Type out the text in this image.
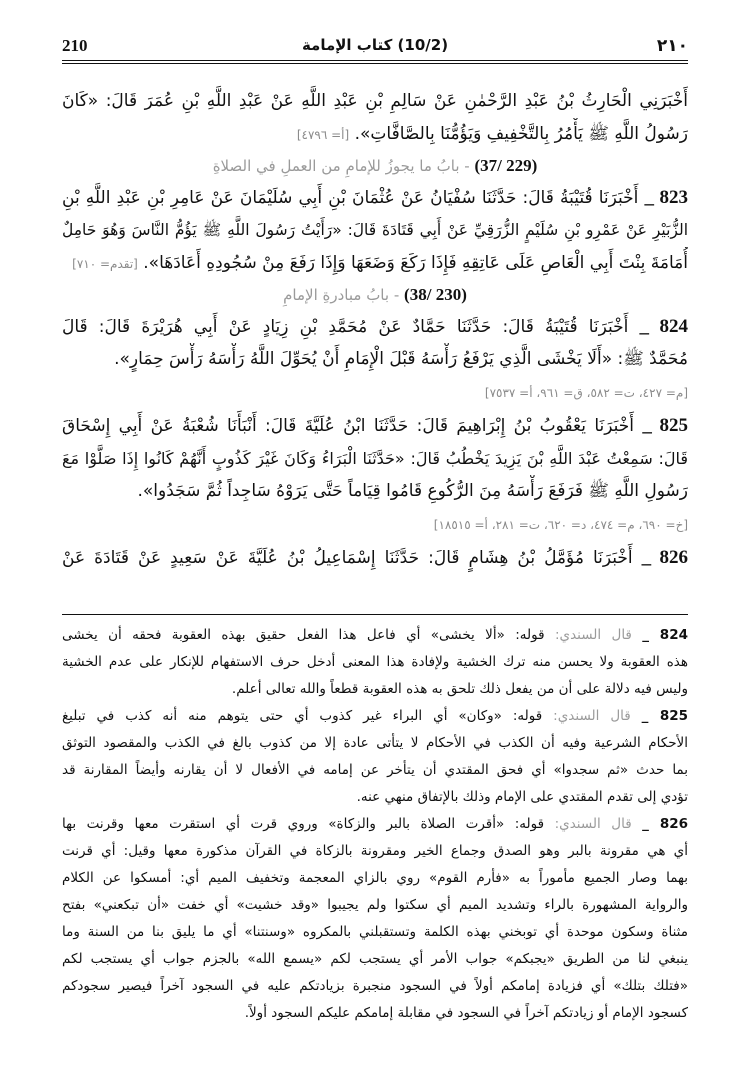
210	(10/2) كتاب الإمامة	٢١٠
أَخْبَرَنِي الْحَارِثُ بْنُ عَبْدِ الرَّحْمٰنِ عَنْ سَالِمِ بْنِ عَبْدِ اللَّهِ عَنْ عَبْدِ اللَّهِ بْنِ عُمَرَ قَالَ: «كَانَ
رَسُولُ اللَّهِ ﷺ يَأْمُرُ بِالتَّخْفِيفِ وَيَؤُمُّنَا بِالصَّافَّاتِ». [أ= ٤٧٩٦]
(229 /37) - بابُ ما يجوزُ للإمامِ من العملِ في الصلاةِ
823 _ أَخْبَرَنَا قُتَيْبَةُ قَالَ: حَدَّثَنَا سُفْيَانُ عَنْ عُثْمَانَ بْنِ أَبِي سُلَيْمَانَ عَنْ عَامِرِ بْنِ عَبْدِ اللَّهِ بْنِ
الزُّبَيْرِ عَنْ عَمْرِو بْنِ سُلَيْمٍ الزُّرَقِيِّ عَنْ أَبِي قَتَادَةَ قَالَ: «رَأَيْتُ رَسُولَ اللَّهِ ﷺ يَؤُمُّ النَّاسَ وَهُوَ حَامِلٌ
أُمَامَةَ بِنْتَ أَبِي الْعَاصِ عَلَى عَاتِقِهِ فَإِذَا رَكَعَ وَضَعَهَا وَإِذَا رَفَعَ مِنْ سُجُودِهِ أَعَادَهَا». [تقدم= ٧١٠]
(230 /38) - بابُ مبادرةِ الإمامِ
824 _ أَخْبَرَنَا قُتَيْبَةُ قَالَ: حَدَّثَنَا حَمَّادٌ عَنْ مُحَمَّدِ بْنِ زِيَادٍ عَنْ أَبِي هُرَيْرَةَ قَالَ: قَالَ
مُحَمَّدٌ ﷺ: «أَلَا يَخْشَى الَّذِي يَرْفَعُ رَأْسَهُ قَبْلَ الْإِمَامِ أَنْ يُحَوِّلَ اللَّهُ رَأْسَهُ رَأْسَ حِمَارٍ».
[م= ٤٢٧، ت= ٥٨٢، ق= ٩٦١، أ= ٧٥٣٧]
825 _ أَخْبَرَنَا يَعْقُوبُ بْنُ إِبْرَاهِيمَ قَالَ: حَدَّثَنَا ابْنُ عُلَيَّةَ قَالَ: أَنْبَأَنَا شُعْبَةُ عَنْ أَبِي إِسْحَاقَ
قَالَ: سَمِعْتُ عَبْدَ اللَّهِ بْنَ يَزِيدَ يَخْطُبُ قَالَ: «حَدَّثَنَا الْبَرَاءُ وَكَانَ غَيْرَ كَذُوبٍ أَنَّهُمْ كَانُوا إِذَا صَلَّوْا مَعَ
رَسُولِ اللَّهِ ﷺ فَرَفَعَ رَأْسَهُ مِنَ الرُّكُوعِ قَامُوا قِيَاماً حَتَّى يَرَوْهُ سَاجِداً ثُمَّ سَجَدُوا».
[خ= ٦٩٠، م= ٤٧٤، د= ٦٢٠، ت= ٢٨١، أ= ١٨٥١٥]
826 _ أَخْبَرَنَا مُؤَمَّلُ بْنُ هِشَامٍ قَالَ: حَدَّثَنَا إِسْمَاعِيلُ بْنُ عُلَيَّةَ عَنْ سَعِيدٍ عَنْ قَتَادَةَ عَنْ
824 _ قال السندي: قوله: «ألا يخشى» أي فاعل هذا الفعل حقيق بهذه العقوبة فحقه أن يخشى
هذه العقوبة ولا يحسن منه ترك الخشية ولإفادة هذا المعنى أدخل حرف الاستفهام للإنكار على عدم الخشية
وليس فيه دلالة على أن من يفعل ذلك تلحق به هذه العقوبة قطعاً والله تعالى أعلم.
825 _ قال السندي: قوله: «وكان» أي البراء غير كذوب أي حتى يتوهم منه أنه كذب في تبليغ
الأحكام الشرعية وفيه أن الكذب في الأحكام لا يتأتى عادة إلا من كذوب بالغ في الكذب والمقصود التوثق
بما حدث «ثم سجدوا» أي فحق المقتدي أن يتأخر عن إمامه في الأفعال لا أن يقارنه وأيضاً المقارنة قد
تؤدي إلى تقدم المقتدي على الإمام وذلك بالإتفاق منهي عنه.
826 _ قال السندي: قوله: «أقرت الصلاة بالبر والزكاة» وروي قرت أي استقرت معها وقرنت بها
أي هي مقرونة بالبر وهو الصدق وجماع الخير ومقرونة بالزكاة في القرآن مذكورة معها وقيل: أي قرنت
بهما وصار الجميع مأموراً به «فأرم القوم» روي بالزاي المعجمة وتخفيف الميم أي: أمسكوا عن الكلام
والرواية المشهورة بالراء وتشديد الميم أي سكتوا ولم يجيبوا «وقد خشيت» أي خفت «أن تبكعني» بفتح
مثناة وسكون موحدة أي توبخني بهذه الكلمة وتستقبلني بالمكروه «وسنتنا» أي ما يليق بنا من السنة وما
ينبغي لنا من الطريق «يجبكم» جواب الأمر أي يستجب لكم «يسمع الله» بالجزم جواب أي يستجب لكم
«فتلك بتلك» أي فزيادة إمامكم أولاً في السجود منجبرة بزيادتكم عليه في السجود آخراً فيصير سجودكم
كسجود الإمام أو زيادتكم آخراً في السجود في مقابلة إمامكم عليكم السجود أولاً.
